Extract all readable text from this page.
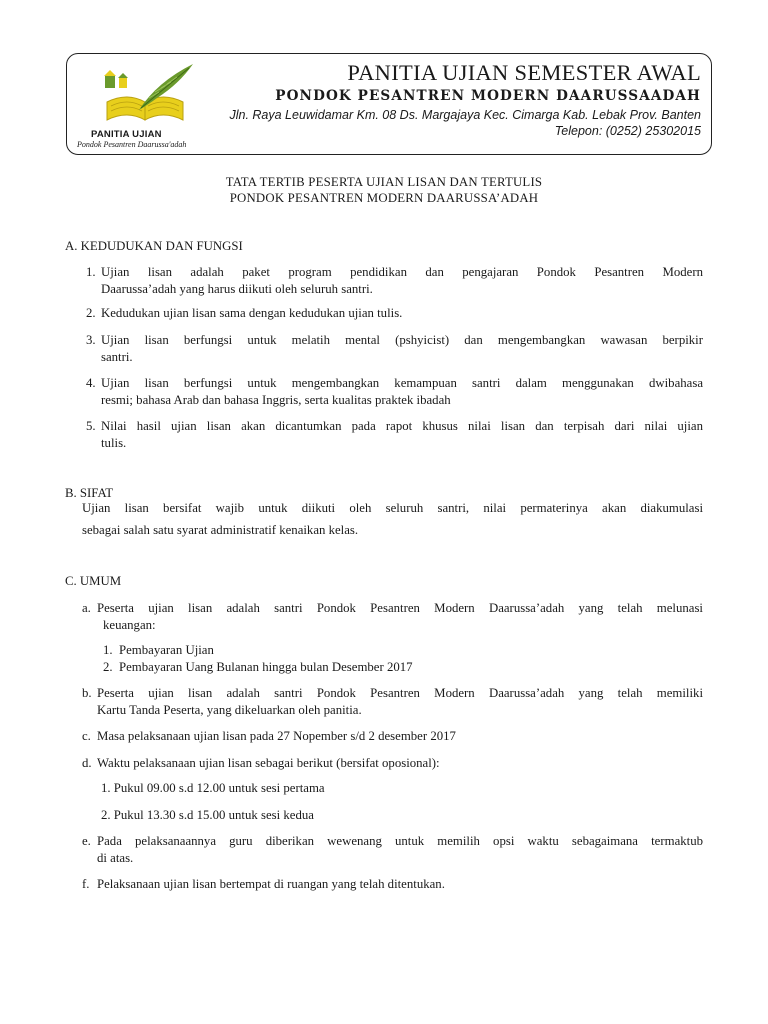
PANITIA UJIAN
Pondok Pesantren Daarussa'adah
PANITIA UJIAN SEMESTER AWAL
PONDOK PESANTREN MODERN DAARUSSAADAH
Jln. Raya Leuwidamar Km. 08 Ds. Margajaya Kec. Cimarga Kab. Lebak Prov. Banten
Telepon: (0252) 25302015
TATA TERTIB PESERTA UJIAN LISAN DAN TERTULIS
PONDOK PESANTREN MODERN DAARUSSA’ADAH
A. KEDUDUKAN DAN FUNGSI
1. Ujian lisan adalah paket program pendidikan dan pengajaran Pondok Pesantren Modern
Daarussa’adah yang harus diikuti oleh seluruh santri.
2. Kedudukan ujian lisan sama dengan kedudukan ujian tulis.
3. Ujian lisan berfungsi untuk melatih mental (pshyicist) dan mengembangkan wawasan berpikir
santri.
4. Ujian lisan berfungsi untuk mengembangkan kemampuan santri dalam menggunakan dwibahasa
resmi; bahasa Arab dan bahasa Inggris, serta kualitas praktek ibadah
5. Nilai hasil ujian lisan akan dicantumkan pada rapot khusus nilai lisan dan terpisah dari nilai ujian
tulis.
B. SIFAT
Ujian lisan bersifat wajib untuk diikuti oleh seluruh santri, nilai permaterinya akan diakumulasi
sebagai salah satu syarat administratif kenaikan kelas.
C. UMUM
a. Peserta ujian lisan adalah santri Pondok Pesantren Modern Daarussa’adah yang telah melunasi
keuangan:
1. Pembayaran Ujian
2. Pembayaran Uang Bulanan hingga bulan Desember 2017
b. Peserta ujian lisan adalah santri Pondok Pesantren Modern Daarussa’adah yang telah memiliki
Kartu Tanda Peserta, yang dikeluarkan oleh panitia.
c. Masa pelaksanaan ujian lisan pada 27 Nopember s/d 2 desember 2017
d. Waktu pelaksanaan ujian lisan sebagai berikut (bersifat oposional):
1. Pukul 09.00 s.d 12.00 untuk sesi pertama
2. Pukul 13.30 s.d 15.00 untuk sesi kedua
e. Pada pelaksanaannya guru diberikan wewenang untuk memilih opsi waktu sebagaimana termaktub
di atas.
f. Pelaksanaan ujian lisan bertempat di ruangan yang telah ditentukan.
